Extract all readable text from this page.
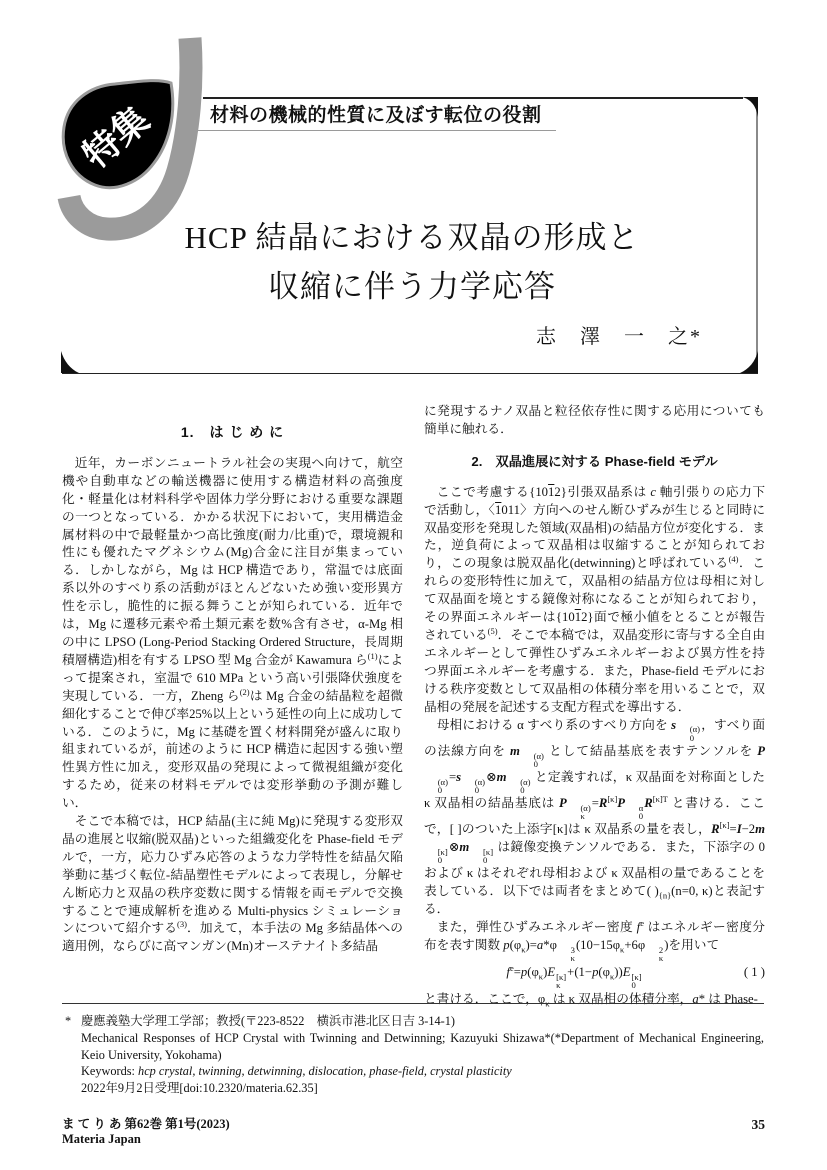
材料の機械的性質に及ぼす転位の役割
特集
HCP 結晶における双晶の形成と
収縮に伴う力学応答
志　澤　一　之*
1.　は じ め に

近年，カーボンニュートラル社会の実現へ向けて，航空機や自動車などの輸送機器に使用する構造材料の高強度化・軽量化は材料科学や固体力学分野における重要な課題の一つとなっている．かかる状況下において，実用構造金属材料の中で最軽量かつ高比強度(耐力/比重)で，環境親和性にも優れたマグネシウム(Mg)合金に注目が集まっている．しかしながら，Mg は HCP 構造であり，常温では底面系以外のすべり系の活動がほとんどないため強い変形異方性を示し，脆性的に振る舞うことが知られている．近年では，Mg に遷移元素や希土類元素を数%含有させ，α-Mg 相の中に LPSO (Long-Period Stacking Ordered Structure，長周期積層構造)相を有する LPSO 型 Mg 合金が Kawamura ら$^{(1)}$によって提案され，室温で 610 MPa という高い引張降伏強度を実現している．一方，Zheng ら$^{(2)}$は Mg 合金の結晶粒を超微細化することで伸び率25%以上という延性の向上に成功している．このように，Mg に基礎を置く材料開発が盛んに取り組まれているが，前述のように HCP 構造に起因する強い塑性異方性に加え，変形双晶の発現によって微視組織が変化するため，従来の材料モデルでは変形挙動の予測が難しい．

そこで本稿では，HCP 結晶(主に純 Mg)に発現する変形双晶の進展と収縮(脱双晶)といった組織変化を Phase-field モデルで，一方，応力ひずみ応答のような力学特性を結晶欠陥挙動に基づく転位-結晶塑性モデルによって表現し，分解せん断応力と双晶の秩序変数に関する情報を両モデルで交換することで連成解析を進める Multi-physics シミュレーションについて紹介する$^{(3)}$．加えて，本手法の Mg 多結晶体への適用例，ならびに高マンガン(Mn)オーステナイト多結晶

に発現するナノ双晶と粒径依存性に関する応用についても簡単に触れる．

2.　双晶進展に対する Phase-field モデル

ここで考慮する{1012}引張双晶系は c 軸引張りの応力下で活動し，〈1011〉方向へのせん断ひずみが生じると同時に双晶変形を発現した領域(双晶相)の結晶方位が変化する．また，逆負荷によって双晶相は収縮することが知られており，この現象は脱双晶化(detwinning)と呼ばれている$^{(4)}$．これらの変形特性に加えて，双晶相の結晶方位は母相に対して双晶面を境とする鏡像対称になることが知られており，その界面エネルギーは{1012}面で極小値をとることが報告されている$^{(5)}$．そこで本稿では，双晶変形に寄与する全自由エネルギーとして弾性ひずみエネルギーおよび異方性を持つ界面エネルギーを考慮する．また，Phase-field モデルにおける秩序変数として双晶相の体積分率を用いることで，双晶相の発展を記述する支配方程式を導出する．

母相における α すべり系のすべり方向を s	(α)
0
，すべり面の法線方向を m	(α)
0
として結晶基底を表すテンソルを P
(α)
0
=s	(α)
0
⊗m	(α)
0
と定義すれば，κ 双晶面を対称面とした κ 双晶相の結晶基底は P	(α)
κ
=R[κ]P	α
0
$R^{[\kappa]T}$ と書ける．ここで，[ ]のついた上添字[κ]は κ 双晶系の量を表し，R[κ]=I−2m
[κ]
0
⊗m	[κ]
0
は鏡像変換テンソルである．また，下添字の 0 および κ はそれぞれ母相および κ 双晶相の量であることを表している．以下では両者をまとめて( )$_{\{n\}}(n=0$, κ)と表記する．

また，弾性ひずみエネルギー密度 $f^e$ はエネルギー密度分布を表す関数 $p(\varphi_\kappa)=a*\varphi$	3
κ
($10-15\varphi_\kappa+6\varphi$	2
κ
)を用いて

$f^e=p(\varphi_\kappa)E$ [κ]
κ
$+(1-p(\varphi_\kappa))E$ [κ]
0
( 1 )

と書ける．ここで，$\varphi_\kappa$ は κ 双晶相の体積分率，a* は Phase-

* 慶應義塾大学理工学部；教授(〒223-8522　横浜市港北区日吉 3-14-1)
Mechanical Responses of HCP Crystal with Twinning and Detwinning; Kazuyuki Shizawa*(*Department of Mechanical Engineering, Keio University, Yokohama)
Keywords: hcp crystal, twinning, detwinning, dislocation, phase-field, crystal plasticity
2022年9月2日受理[doi:10.2320/materia.62.35]
ま て り あ 第62巻 第1号(2023)
Materia Japan
35
